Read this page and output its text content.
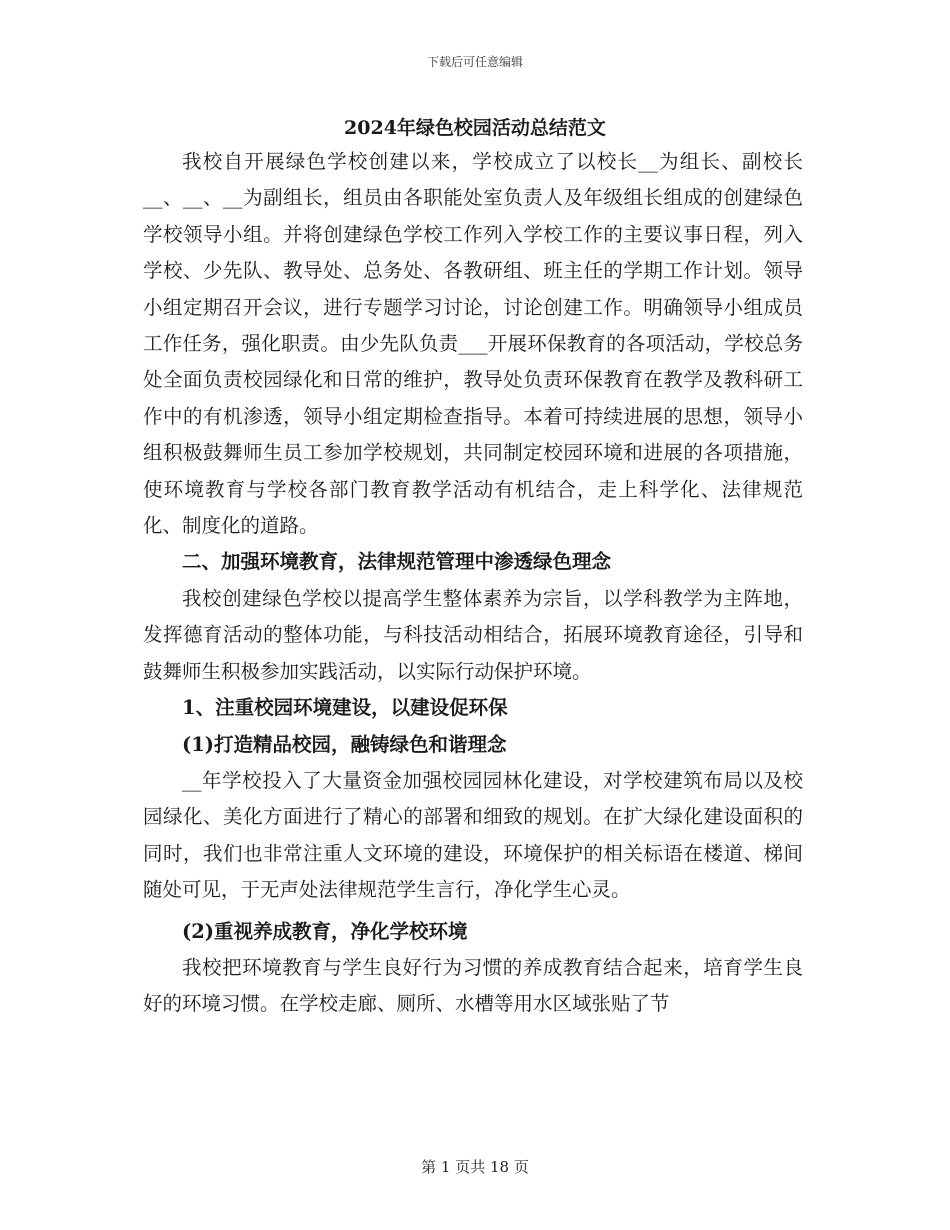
下载后可任意编辑
2024年绿色校园活动总结范文

我校自开展绿色学校创建以来，学校成立了以校长__为组长、副校长__、__、__为副组长，组员由各职能处室负责人及年级组长组成的创建绿色学校领导小组。并将创建绿色学校工作列入学校工作的主要议事日程，列入学校、少先队、教导处、总务处、各教研组、班主任的学期工作计划。领导小组定期召开会议，进行专题学习讨论，讨论创建工作。明确领导小组成员工作任务，强化职责。由少先队负责___开展环保教育的各项活动，学校总务处全面负责校园绿化和日常的维护，教导处负责环保教育在教学及教科研工作中的有机渗透，领导小组定期检查指导。本着可持续进展的思想，领导小组积极鼓舞师生员工参加学校规划，共同制定校园环境和进展的各项措施，使环境教育与学校各部门教育教学活动有机结合，走上科学化、法律规范化、制度化的道路。

二、加强环境教育，法律规范管理中渗透绿色理念

我校创建绿色学校以提高学生整体素养为宗旨，以学科教学为主阵地，发挥德育活动的整体功能，与科技活动相结合，拓展环境教育途径，引导和鼓舞师生积极参加实践活动，以实际行动保护环境。

1、注重校园环境建设，以建设促环保

(1)打造精品校园，融铸绿色和谐理念

__年学校投入了大量资金加强校园园林化建设，对学校建筑布局以及校园绿化、美化方面进行了精心的部署和细致的规划。在扩大绿化建设面积的同时，我们也非常注重人文环境的建设，环境保护的相关标语在楼道、梯间随处可见，于无声处法律规范学生言行，净化学生心灵。

(2)重视养成教育，净化学校环境

我校把环境教育与学生良好行为习惯的养成教育结合起来，培育学生良好的环境习惯。在学校走廊、厕所、水槽等用水区域张贴了节

第 1 页共 18 页
